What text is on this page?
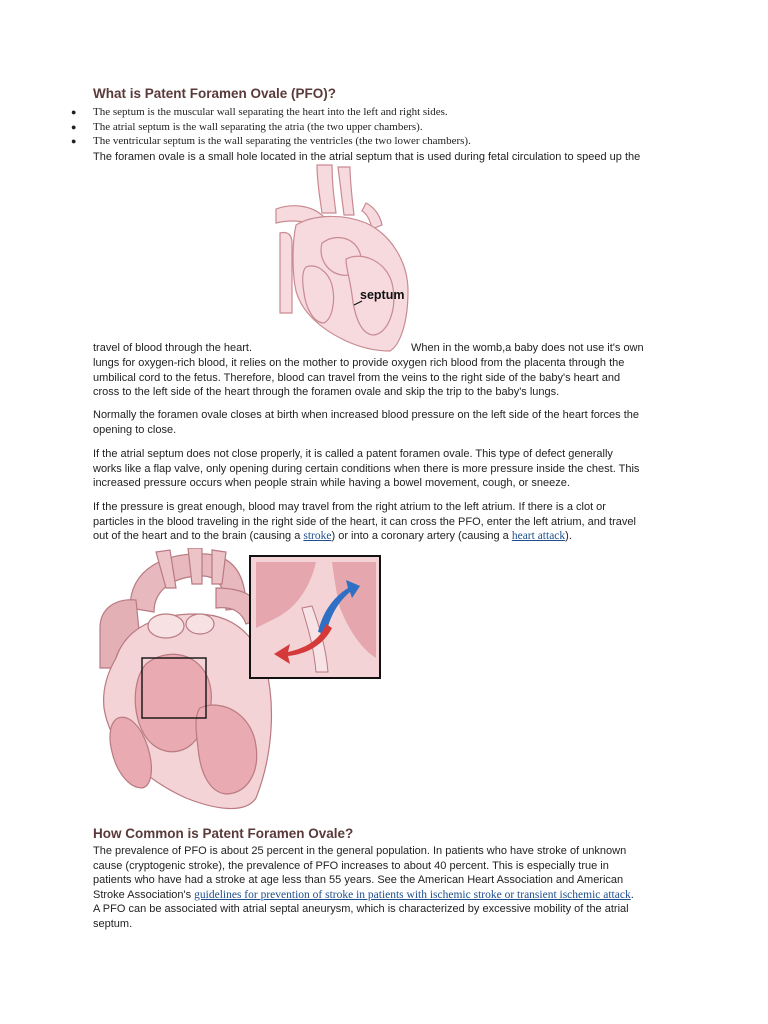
What is Patent Foramen Ovale (PFO)?
● The septum is the muscular wall separating the heart into the left and right sides.
● The atrial septum is the wall separating the atria (the two upper chambers).
● The ventricular septum is the wall separating the ventricles (the two lower chambers).
The foramen ovale is a small hole located in the atrial septum that is used during fetal circulation to speed up the
septum
travel of blood through the heart.	When in the womb,a baby does not use it's own
lungs for oxygen-rich blood, it relies on the mother to provide oxygen rich blood from the placenta through the
umbilical cord to the fetus. Therefore, blood can travel from the veins to the right side of the baby's heart and
cross to the left side of the heart through the foramen ovale and skip the trip to the baby's lungs.
Normally the foramen ovale closes at birth when increased blood pressure on the left side of the heart forces the
opening to close.
If the atrial septum does not close properly, it is called a patent foramen ovale. This type of defect generally
works like a flap valve, only opening during certain conditions when there is more pressure inside the chest. This
increased pressure occurs when people strain while having a bowel movement, cough, or sneeze.
If the pressure is great enough, blood may travel from the right atrium to the left atrium. If there is a clot or
particles in the blood traveling in the right side of the heart, it can cross the PFO, enter the left atrium, and travel
out of the heart and to the brain (causing a stroke) or into a coronary artery (causing a heart attack).
How Common is Patent Foramen Ovale?
The prevalence of PFO is about 25 percent in the general population. In patients who have stroke of unknown
cause (cryptogenic stroke), the prevalence of PFO increases to about 40 percent. This is especially true in
patients who have had a stroke at age less than 55 years. See the American Heart Association and American
Stroke Association's guidelines for prevention of stroke in patients with ischemic stroke or transient ischemic attack.
A PFO can be associated with atrial septal aneurysm, which is characterized by excessive mobility of the atrial
septum.
